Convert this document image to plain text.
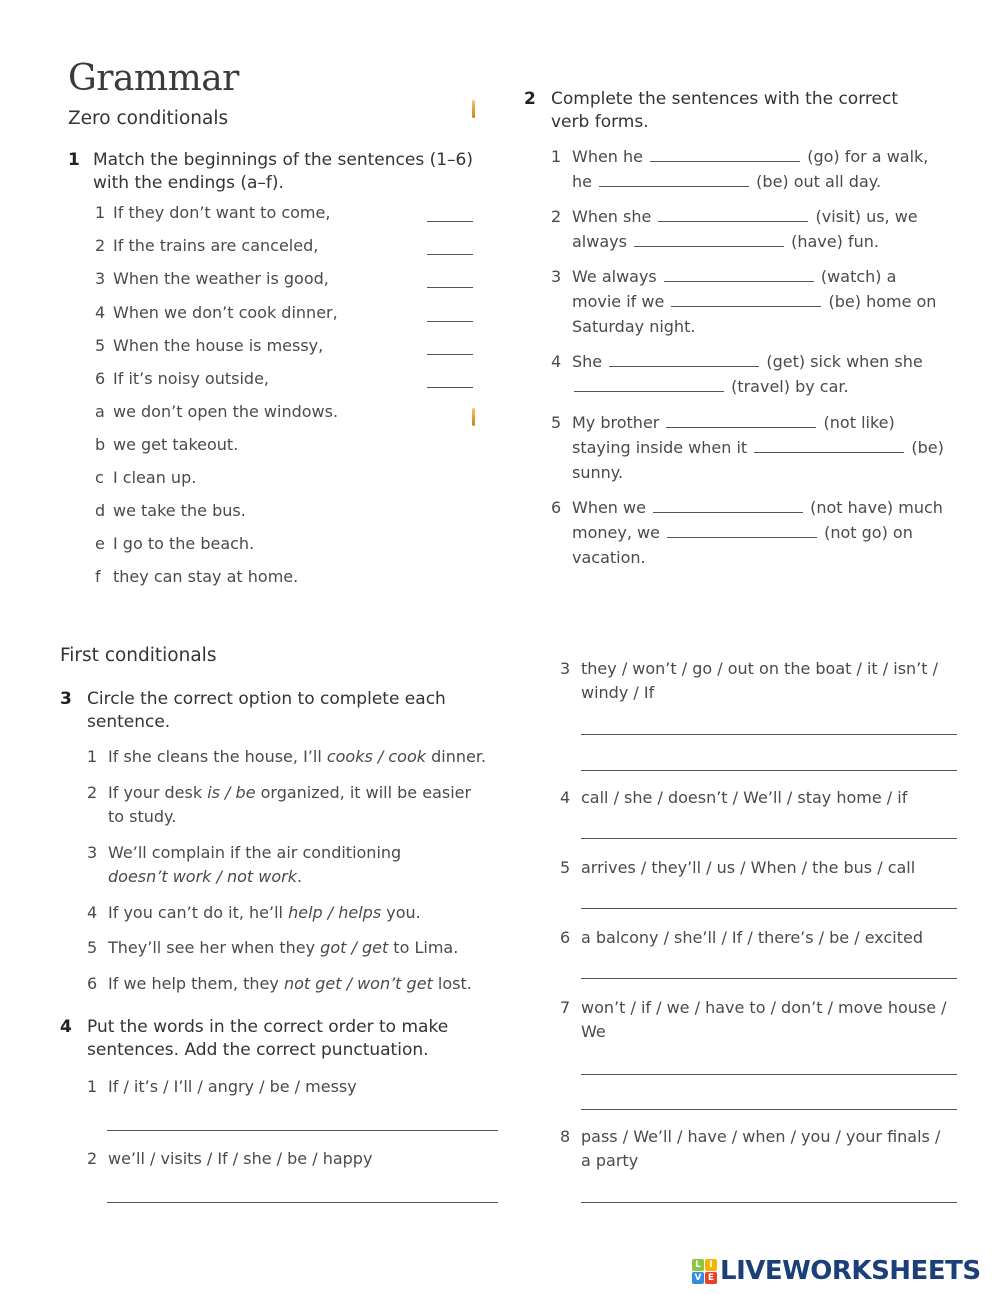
Grammar
Zero conditionals
1 Match the beginnings of the sentences (1–6)
with the endings (a–f).
2 Complete the sentences with the correct
verb forms.
First conditionals
3 Circle the correct option to complete each
sentence.
4 Put the words in the correct order to make
sentences. Add the correct punctuation.
1 If they don’t want to come,
2 If the trains are canceled,
3 When the weather is good,
4 When we don’t cook dinner,
5 When the house is messy,
6 If it’s noisy outside,
a we don’t open the windows.
b we get takeout.
c I clean up.
d we take the bus.
e I go to the beach.
f they can stay at home.
1 When he	(go) for a walk,
he	(be) out all day.
2 When she	(visit) us, we
always	(have) fun.
3 We always	(watch) a
movie if we	(be) home on
Saturday night.
4 She	(get) sick when she
(travel) by car.
5 My brother	(not like)
staying inside when it	(be)
sunny.
6 When we	(not have) much
money, we	(not go) on
vacation.
1 If she cleans the house, I’ll cooks / cook dinner.
2 If your desk is / be organized, it will be easier
to study.
3 We’ll complain if the air conditioning
doesn’t work / not work.
4 If you can’t do it, he’ll help / helps you.
5 They’ll see her when they got / get to Lima.
6 If we help them, they not get / won’t get lost.
1 If / it’s / I’ll / angry / be / messy
2 we’ll / visits / If / she / be / happy
3 they / won’t / go / out on the boat / it / isn’t /
windy / If
4 call / she / doesn’t / We’ll / stay home / if
5 arrives / they’ll / us / When / the bus / call
6 a balcony / she’ll / If / there’s / be / excited
7 won’t / if / we / have to / don’t / move house /
We
8 pass / We’ll / have / when / you / your finals /
a party
L I
V E LIVEWORKSHEETS
